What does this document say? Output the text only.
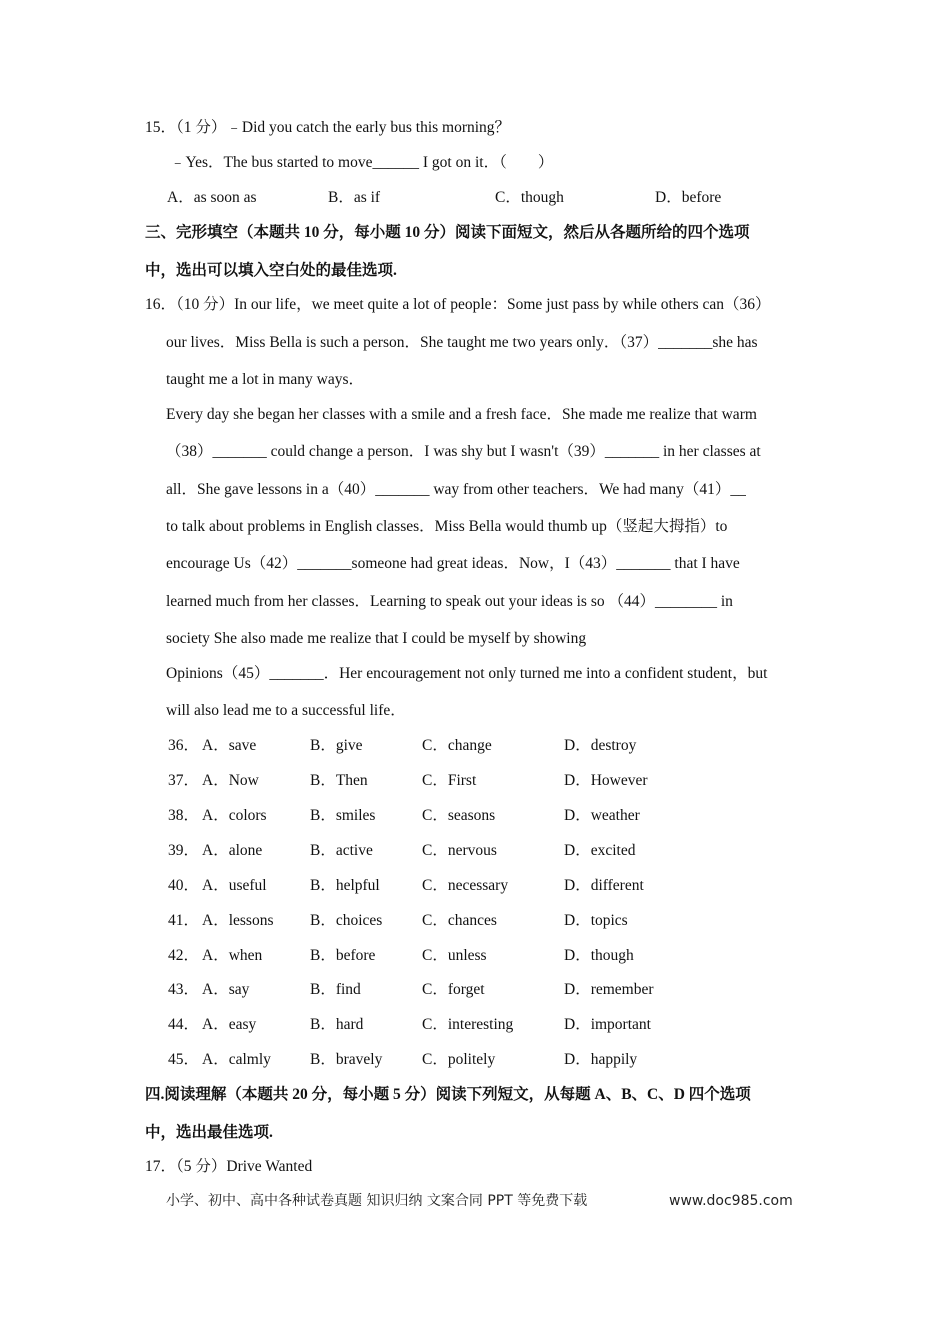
15．（1 分）﹣Did you catch the early bus this morning？
﹣Yes．The bus started to move______ I got on it．（　　）
A．as soon as	B．as if	C．though	D．before
三、完形填空（本题共 10 分，每小题 10 分）阅读下面短文，然后从各题所给的四个选项
中，选出可以填入空白处的最佳选项.
16．（10 分）In our life，we meet quite a lot of people：Some just pass by while others can（36）
our lives．Miss Bella is such a person．She taught me two years only．（37）_______she has
taught me a lot in many ways．
Every day she began her classes with a smile and a fresh face．She made me realize that warm
（38）_______ could change a person．I was shy but I wasn't（39）_______ in her classes at
all．She gave lessons in a（40）_______ way from other teachers．We had many（41）__
to talk about problems in English classes．Miss Bella would thumb up（竖起大拇指）to
encourage Us（42）_______someone had great ideas．Now，I（43）_______ that I have
learned much from her classes．Learning to speak out your ideas is so （44）________ in
society She also made me realize that I could be myself by showing
Opinions（45）_______．Her encouragement not only turned me into a confident student，but
will also lead me to a successful life．
36． A．save	B．give	C．change	D．destroy
37． A．Now	B．Then	C．First	D．However
38． A．colors	B．smiles	C．seasons	D．weather
39． A．alone	B．active	C．nervous	D．excited
40． A．useful	B．helpful	C．necessary	D．different
41． A．lessons B．choices	C．chances	D．topics
42． A．when	B．before	C．unless	D．though
43． A．say	B．find	C．forget	D．remember
44． A．easy	B．hard	C．interesting	D．important
45． A．calmly	B．bravely	C．politely	D．happily
四.阅读理解（本题共 20 分，每小题 5 分）阅读下列短文，从每题 A、B、C、D 四个选项
中，选出最佳选项.
17．（5 分）Drive Wanted
小学、初中、高中各种试卷真题 知识归纳 文案合同 PPT 等免费下载	www.doc985.com
